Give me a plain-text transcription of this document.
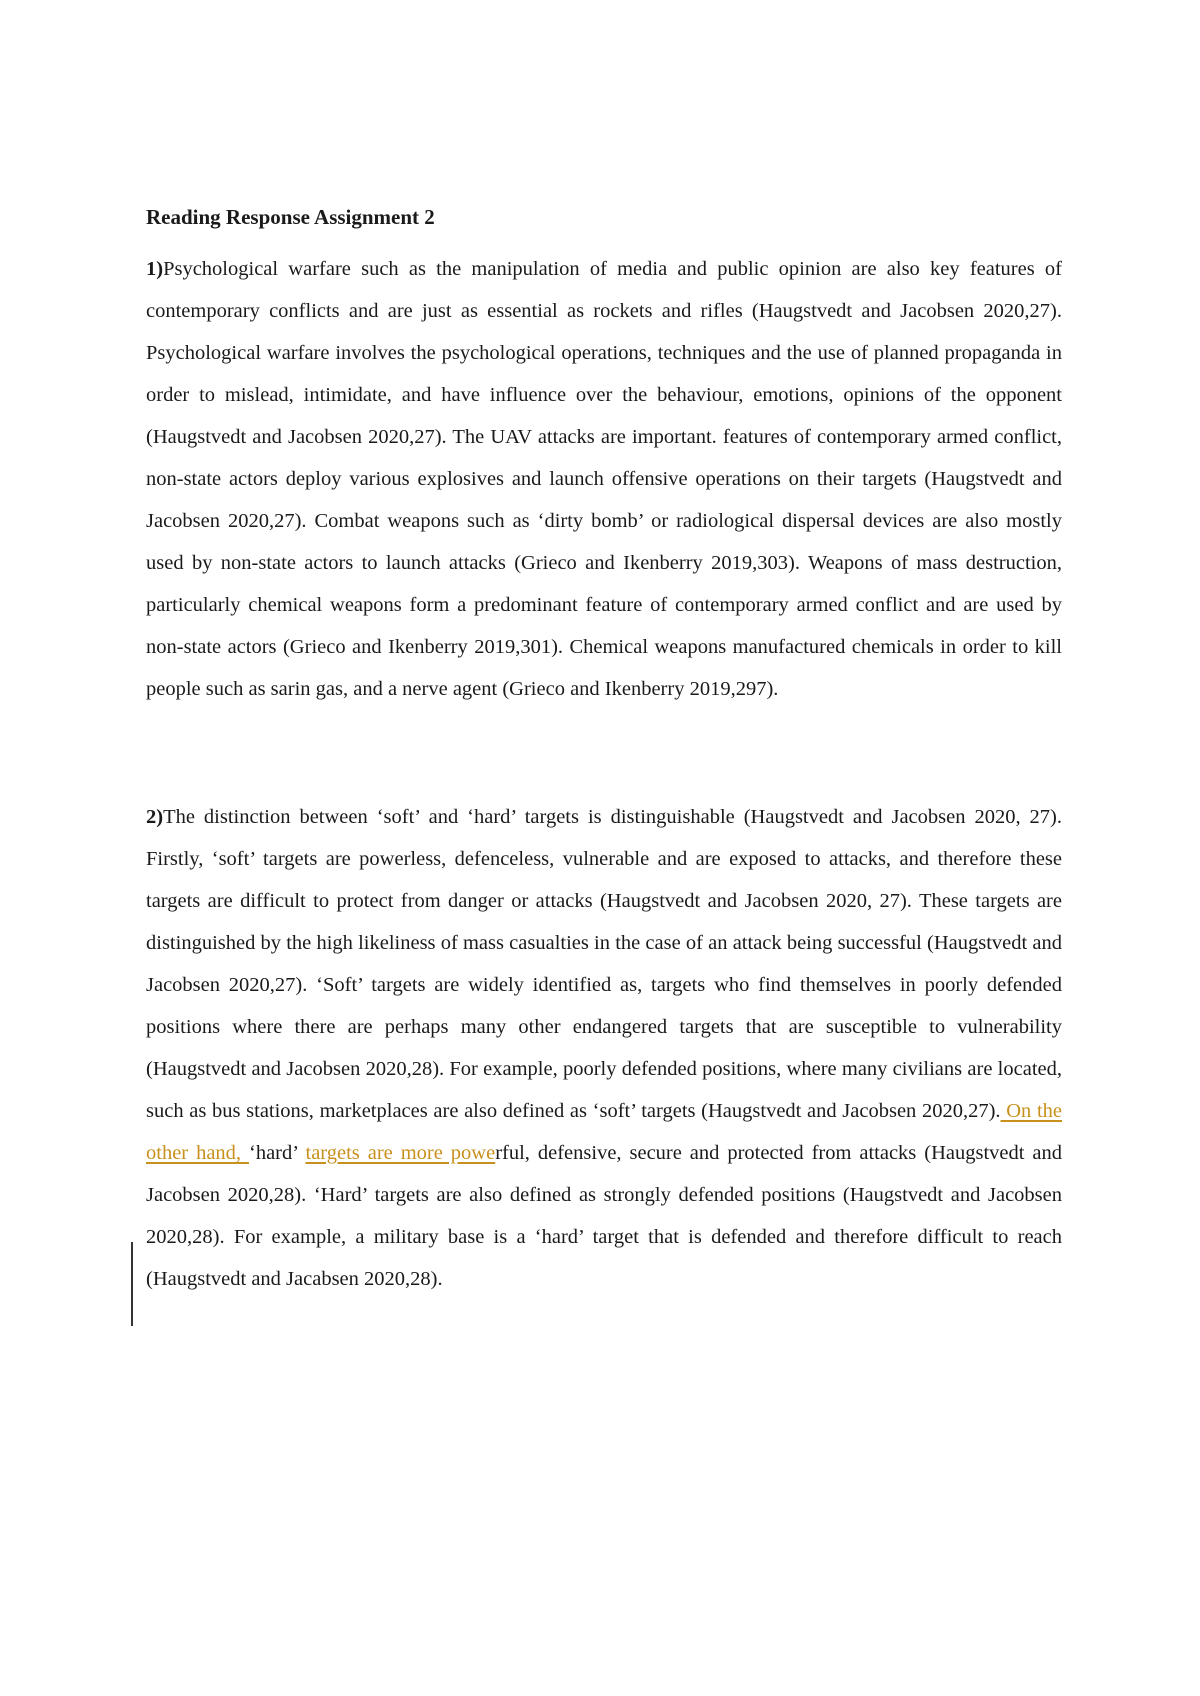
Reading Response Assignment 2

1)Psychological warfare such as the manipulation of media and public opinion are also key features of contemporary conflicts and are just as essential as rockets and rifles (Haugstvedt and Jacobsen 2020,27). Psychological warfare involves the psychological operations, techniques and the use of planned propaganda in order to mislead, intimidate, and have influence over the behaviour, emotions, opinions of the opponent (Haugstvedt and Jacobsen 2020,27). The UAV attacks are important. features of contemporary armed conflict, non-state actors deploy various explosives and launch offensive operations on their targets (Haugstvedt and Jacobsen 2020,27). Combat weapons such as ‘dirty bomb’ or radiological dispersal devices are also mostly used by non-state actors to launch attacks (Grieco and Ikenberry 2019,303). Weapons of mass destruction, particularly chemical weapons form a predominant feature of contemporary armed conflict and are used by non-state actors (Grieco and Ikenberry 2019,301). Chemical weapons manufactured chemicals in order to kill people such as sarin gas, and a nerve agent (Grieco and Ikenberry 2019,297).

2)The distinction between ‘soft’ and ‘hard’ targets is distinguishable (Haugstvedt and Jacobsen 2020, 27). Firstly, ‘soft’ targets are powerless, defenceless, vulnerable and are exposed to attacks, and therefore these targets are difficult to protect from danger or attacks (Haugstvedt and Jacobsen 2020, 27). These targets are distinguished by the high likeliness of mass casualties in the case of an attack being successful (Haugstvedt and Jacobsen 2020,27). ‘Soft’ targets are widely identified as, targets who find themselves in poorly defended positions where there are perhaps many other endangered targets that are susceptible to vulnerability (Haugstvedt and Jacobsen 2020,28). For example, poorly defended positions, where many civilians are located, such as bus stations, marketplaces are also defined as ‘soft’ targets (Haugstvedt and Jacobsen 2020,27). On the other hand, ‘hard’ targets are more powerful, defensive, secure and protected from attacks (Haugstvedt and Jacobsen 2020,28). ‘Hard’ targets are also defined as strongly defended positions (Haugstvedt and Jacobsen 2020,28). For example, a military base is a ‘hard’ target that is defended and therefore difficult to reach (Haugstvedt and Jacabsen 2020,28).
